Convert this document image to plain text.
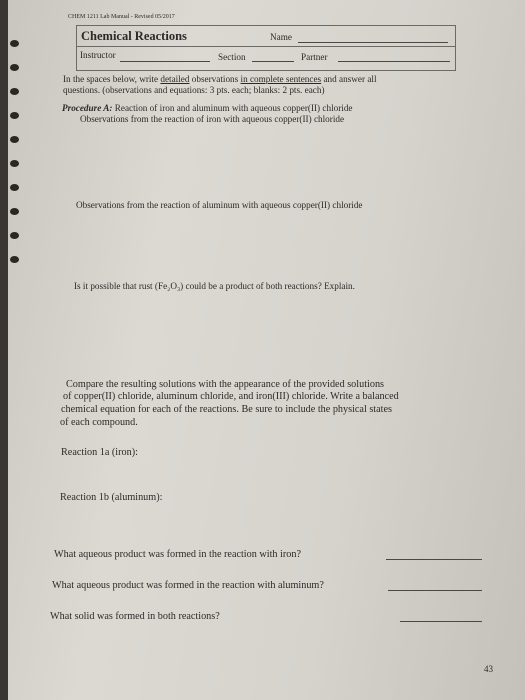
CHEM 1211 Lab Manual - Revised 05/2017
Chemical Reactions	Name
Instructor	Section	Partner
In the spaces below, write detailed observations in complete sentences and answer all
questions. (observations and equations: 3 pts. each; blanks: 2 pts. each)
Procedure A: Reaction of iron and aluminum with aqueous copper(II) chloride
Observations from the reaction of iron with aqueous copper(II) chloride
Observations from the reaction of aluminum with aqueous copper(II) chloride
Is it possible that rust (Fe₂O₃) could be a product of both reactions? Explain.
Compare the resulting solutions with the appearance of the provided solutions
of copper(II) chloride, aluminum chloride, and iron(III) chloride. Write a balanced
chemical equation for each of the reactions. Be sure to include the physical states
of each compound.
Reaction 1a (iron):
Reaction 1b (aluminum):
What aqueous product was formed in the reaction with iron?
What aqueous product was formed in the reaction with aluminum?
What solid was formed in both reactions?
43
